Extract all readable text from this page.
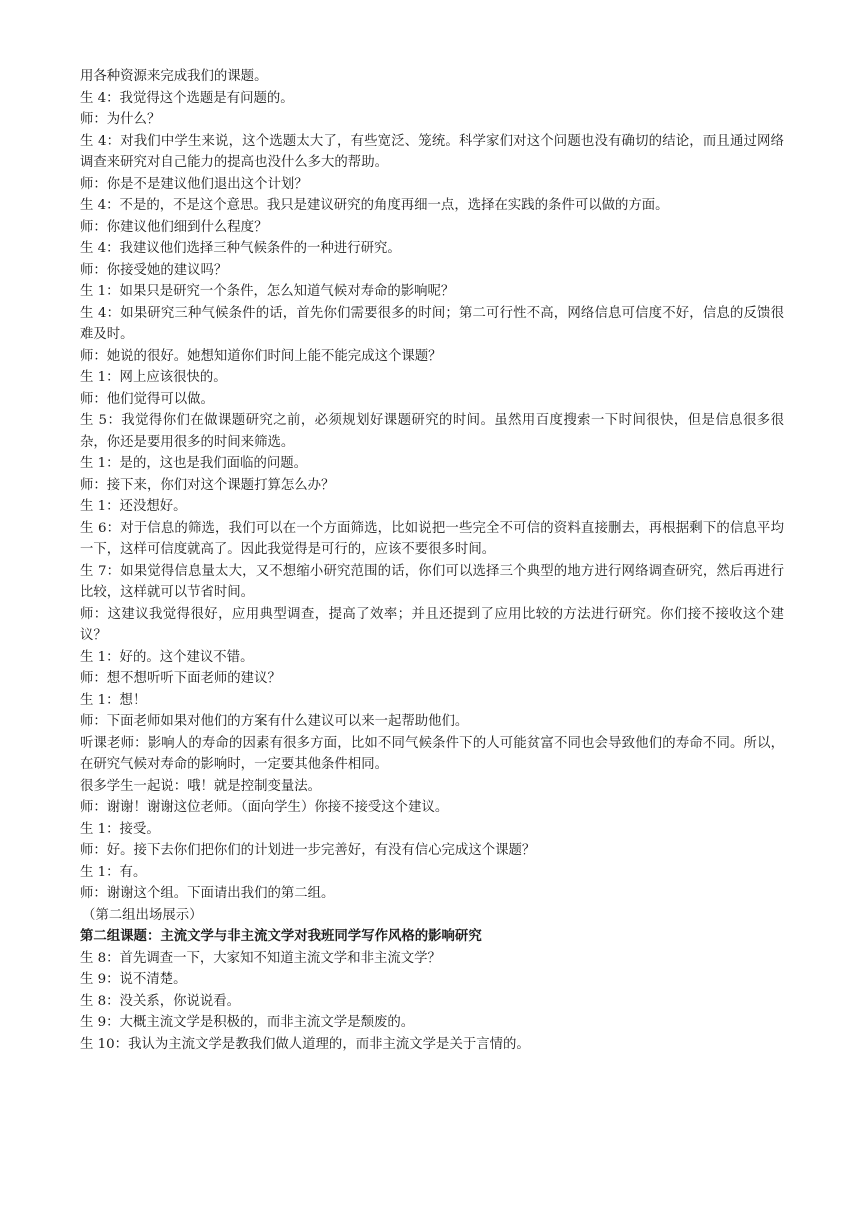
用各种资源来完成我们的课题。

生 4：我觉得这个选题是有问题的。

师：为什么？

生 4：对我们中学生来说，这个选题太大了，有些宽泛、笼统。科学家们对这个问题也没有确切的结论，而且通过网络调查来研究对自己能力的提高也没什么多大的帮助。

师：你是不是建议他们退出这个计划？

生 4：不是的，不是这个意思。我只是建议研究的角度再细一点，选择在实践的条件可以做的方面。

师：你建议他们细到什么程度？

生 4：我建议他们选择三种气候条件的一种进行研究。

师：你接受她的建议吗？

生 1：如果只是研究一个条件，怎么知道气候对寿命的影响呢？

生 4：如果研究三种气候条件的话，首先你们需要很多的时间；第二可行性不高，网络信息可信度不好，信息的反馈很难及时。

师：她说的很好。她想知道你们时间上能不能完成这个课题？

生 1：网上应该很快的。

师：他们觉得可以做。

生 5：我觉得你们在做课题研究之前，必须规划好课题研究的时间。虽然用百度搜索一下时间很快，但是信息很多很杂，你还是要用很多的时间来筛选。

生 1：是的，这也是我们面临的问题。

师：接下来，你们对这个课题打算怎么办？

生 1：还没想好。

生 6：对于信息的筛选，我们可以在一个方面筛选，比如说把一些完全不可信的资料直接删去，再根据剩下的信息平均一下，这样可信度就高了。因此我觉得是可行的，应该不要很多时间。

生 7：如果觉得信息量太大，又不想缩小研究范围的话，你们可以选择三个典型的地方进行网络调查研究，然后再进行比较，这样就可以节省时间。

师：这建议我觉得很好，应用典型调查，提高了效率；并且还提到了应用比较的方法进行研究。你们接不接收这个建议？

生 1：好的。这个建议不错。

师：想不想听听下面老师的建议？

生 1：想！

师：下面老师如果对他们的方案有什么建议可以来一起帮助他们。

听课老师：影响人的寿命的因素有很多方面，比如不同气候条件下的人可能贫富不同也会导致他们的寿命不同。所以，在研究气候对寿命的影响时，一定要其他条件相同。

很多学生一起说：哦！就是控制变量法。

师：谢谢！谢谢这位老师。（面向学生）你接不接受这个建议。

生 1：接受。

师：好。接下去你们把你们的计划进一步完善好，有没有信心完成这个课题？

生 1：有。

师：谢谢这个组。下面请出我们的第二组。

（第二组出场展示）

第二组课题：主流文学与非主流文学对我班同学写作风格的影响研究

生 8：首先调查一下，大家知不知道主流文学和非主流文学？

生 9：说不清楚。

生 8：没关系，你说说看。

生 9：大概主流文学是积极的，而非主流文学是颓废的。

生 10：我认为主流文学是教我们做人道理的，而非主流文学是关于言情的。
